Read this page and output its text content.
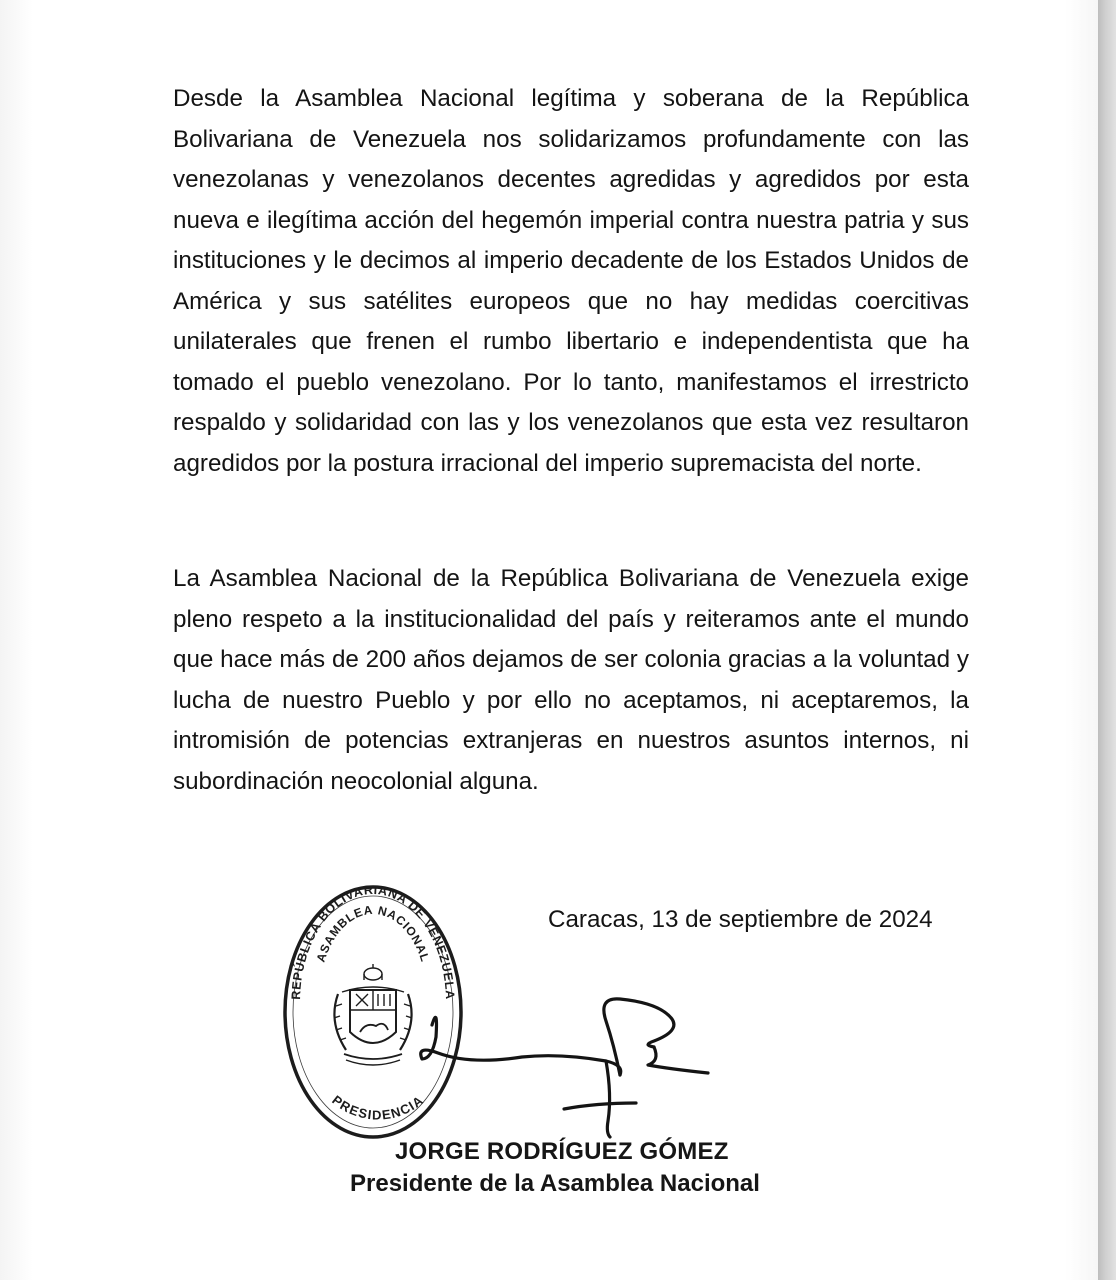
Desde la Asamblea Nacional legítima y soberana de la República Bolivariana de Venezuela nos solidarizamos profundamente con las venezolanas y venezolanos decentes agredidas y agredidos por esta nueva e ilegítima acción del hegemón imperial contra nuestra patria y sus instituciones y le decimos al imperio decadente de los Estados Unidos de América y sus satélites europeos que no hay medidas coercitivas unilaterales que frenen el rumbo libertario e independentista que ha tomado el pueblo venezolano. Por lo tanto, manifestamos el irrestricto respaldo y solidaridad con las y los venezolanos que esta vez resultaron agredidos por la postura irracional del imperio supremacista del norte.

La Asamblea Nacional de la República Bolivariana de Venezuela exige pleno respeto a la institucionalidad del país y reiteramos ante el mundo que hace más de 200 años dejamos de ser colonia gracias a la voluntad y lucha de nuestro Pueblo y por ello no aceptamos, ni aceptaremos, la intromisión de potencias extranjeras en nuestros asuntos internos, ni subordinación neocolonial alguna.

Caracas, 13 de septiembre de 2024
REPÚBLICA BOLIVARIANA DE VENEZUELA
ASAMBLEA NACIONAL
PRESIDENCIA
JORGE RODRÍGUEZ GÓMEZ
Presidente de la Asamblea Nacional
